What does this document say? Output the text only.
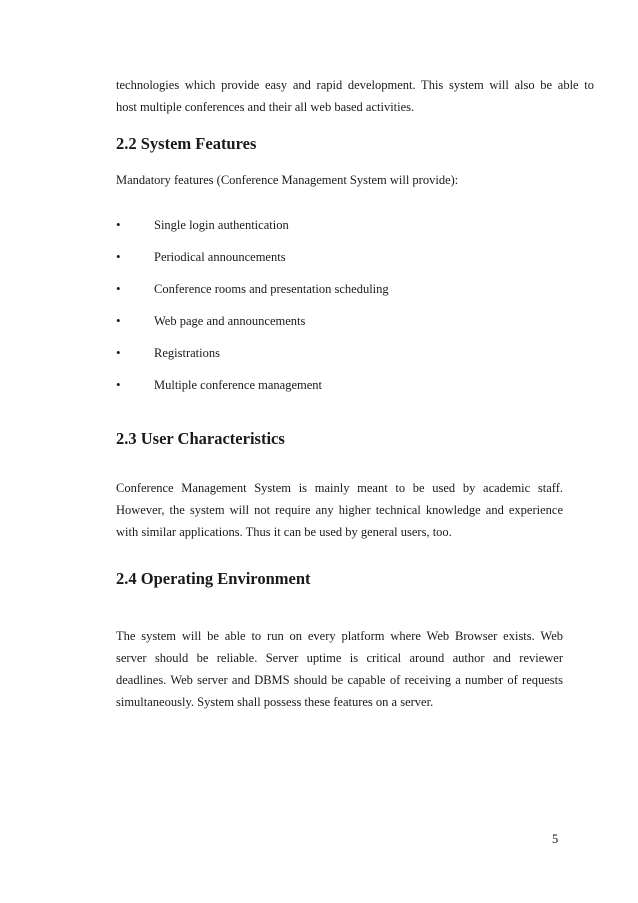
technologies which provide easy and rapid development. This system will also be able to
host multiple conferences and their all web based activities.
2.2 System Features

Mandatory features (Conference Management System will provide):

•	Single login authentication
•	Periodical announcements
•	Conference rooms and presentation scheduling
•	Web page and announcements
•	Registrations
•	Multiple conference management
2.3 User Characteristics
Conference Management System is mainly meant to be used by academic staff.
However, the system will not require any higher technical knowledge and experience
with similar applications. Thus it can be used by general users, too.
2.4 Operating Environment
The system will be able to run on every platform where Web Browser exists. Web
server should be reliable. Server uptime is critical around author and reviewer
deadlines. Web server and DBMS should be capable of receiving a number of requests
simultaneously. System shall possess these features on a server.

5
